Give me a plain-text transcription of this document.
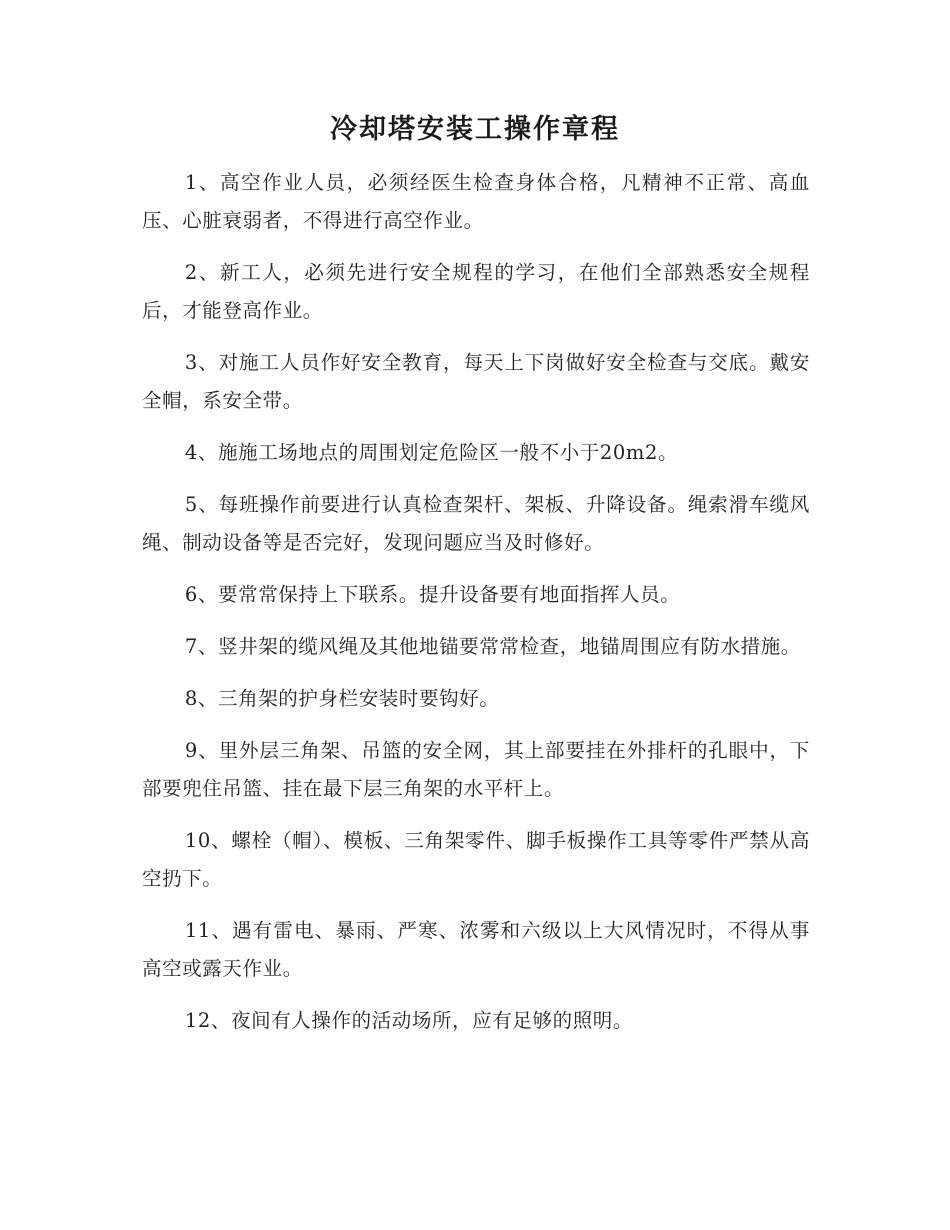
冷却塔安装工操作章程

1、高空作业人员，必须经医生检查身体合格，凡精神不正常、高血压、心脏衰弱者，不得进行高空作业。

2、新工人，必须先进行安全规程的学习，在他们全部熟悉安全规程后，才能登高作业。

3、对施工人员作好安全教育，每天上下岗做好安全检查与交底。戴安全帽，系安全带。

4、施施工场地点的周围划定危险区一般不小于20m2。

5、每班操作前要进行认真检查架杆、架板、升降设备。绳索滑车缆风绳、制动设备等是否完好，发现问题应当及时修好。

6、要常常保持上下联系。提升设备要有地面指挥人员。

7、竖井架的缆风绳及其他地锚要常常检查，地锚周围应有防水措施。

8、三角架的护身栏安装时要钩好。

9、里外层三角架、吊篮的安全网，其上部要挂在外排杆的孔眼中，下部要兜住吊篮、挂在最下层三角架的水平杆上。

10、螺栓（帽）、模板、三角架零件、脚手板操作工具等零件严禁从高空扔下。

11、遇有雷电、暴雨、严寒、浓雾和六级以上大风情况时，不得从事高空或露天作业。

12、夜间有人操作的活动场所，应有足够的照明。
